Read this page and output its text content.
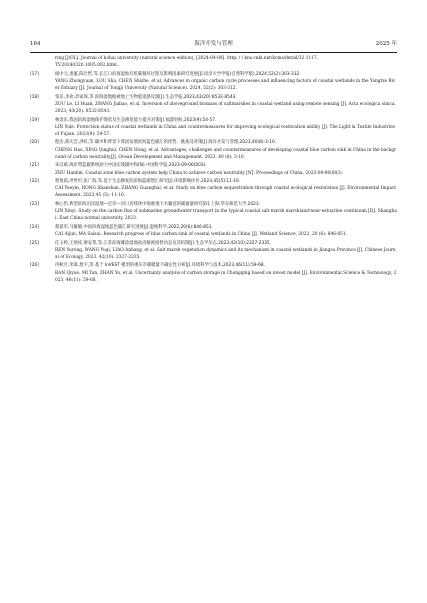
164	海洋开发与管理	2025 年

ring [J/OL]. Journal of hohai university (natural science edition), [2024-04-08]. http: / / kns.cnki.net/kcms/detail/32.1117.

TV.20240320.1005.002.html.

[17]	杨中元,娄厦,陈仕哲,等.长江口滨海湿地有机碳循环过程及影响因素研究进展[J].同济大学学报(自然科学版),2024,52(2):303-312.

YANG Zhongyuan, LOU Sha, CHEN Shizhe, et al. Advances in organic carbon cycle processes and influencing factors of coastal wetlands in the Yangtze River Estuary [J]. Journal of Tongji University (Natural Science). 2024, 52(2): 303-312.

[18]	邹乐,李欢,章家保,等.滨海湿地植被地上生物量遥感反演[J].生态学报,2023,43(20):8532-8543.

ZOU Le, LI Huan, ZHANG Jiabao, et al. Inversion of aboveground biomass of saltmarshes in coastal wetland using remote sensing [J]. Acta ecologica sinica, 2023, 43(20): 8532-8543.

[19]	林余乐.我国滨海湿地保护现状及生态修复能力提升对策[J].福建轻纺,2023(9):54-57.

LIN Yule. Protection status of coastal wetlands in China and countermeasures for improving ecological restoration ability [J]. The Light & Textile Industries of Fujian. 2023(9): 54-57.

[20]	程浩,邢庆会,洪虹,等.碳中和背景下我国发展滨海蓝色碳汇的优势、挑战及对策[J].海洋开发与管理,2023,40(8):3-10.

CHENG Hao, XING Qinghui, CHEN Hong, et al. Advantages, challenges and countermeasures of developing coastal blue carbon sink in China in the background of carbon neutrality[J]. Ocean Development and Management, 2023, 40 (8): 3-10.

[21]	朱汉斌.海岸带蓝碳系统助力中国实现碳中和[N].中国科学报,2023-09-06(003).

ZHU Hanbin. Coastal zone blue carbon system help China to achieve carbon neutrality [N]. Proceedings of China, 2023-09-06(003).

[22]	蔡悦荫,洪世杉,张广海,等.基于生态修复的滨海蓝碳增汇研究[J].环境影响评价,2023,45(5):11-16.

CAI Yueyin, HONG Shanshan, ZHANG Guanghai, et al. Study on blue carbon sequestration through coastal ecological restoration [J]. Environmental Impact Assessment, 2023,45 (5): 11-16.

[23]	林心怡.典型滨海沼泽湿地—近岸—河口连续体中海底地下水输送的碳通量研究[D].上海:华东师范大学,2023.

LIN Xinyi. Study on the carbon flux of submarine groundwater transport in the typical coastal salt marsh marshland-near-estuarine continuum [D]. Shanghai: East China normal university, 2023.

[24]	蔡爱军,马敏敏.中国滨海湿地蓝色碳汇研究进展[J].湿地科学,2022,20(6):846-851.

CAI Aijun, MA Saisui. Research progress of blue carbon sink of coastal wetlands in China [J]. Wetland Science, 2022, 20 (6): 846-851.

[25]	任玉婷,王炳祥,廖安邦,等.江苏滨海滩涂湿地盐沼植被演替动态及其机制[J].生态学杂志,2023,42(10):2327-2335.

REN Yurong, WANG Yuqi, LIAO Anbang, et al. Salt marsh vegetation dynamics and its mechanism in coastal wetlands in Jiangsu Province [J]. Chinese Journal of Ecology, 2023, 42(10): 2327-2335.

[26]	冉秋月,米慕,詹宇,等.基于 InVEST 模型的重庆市碳储量不确定性分析[J].环境科学与技术,2023,46(11):59-68.

RAN Qiyue, MI Tan, ZHAN Yu, et al. Uncertainty analysis of carbon storage in Chongqing based on invest model [J]. Environmental Science & Technology, 2023, 46(11): 59-68.
